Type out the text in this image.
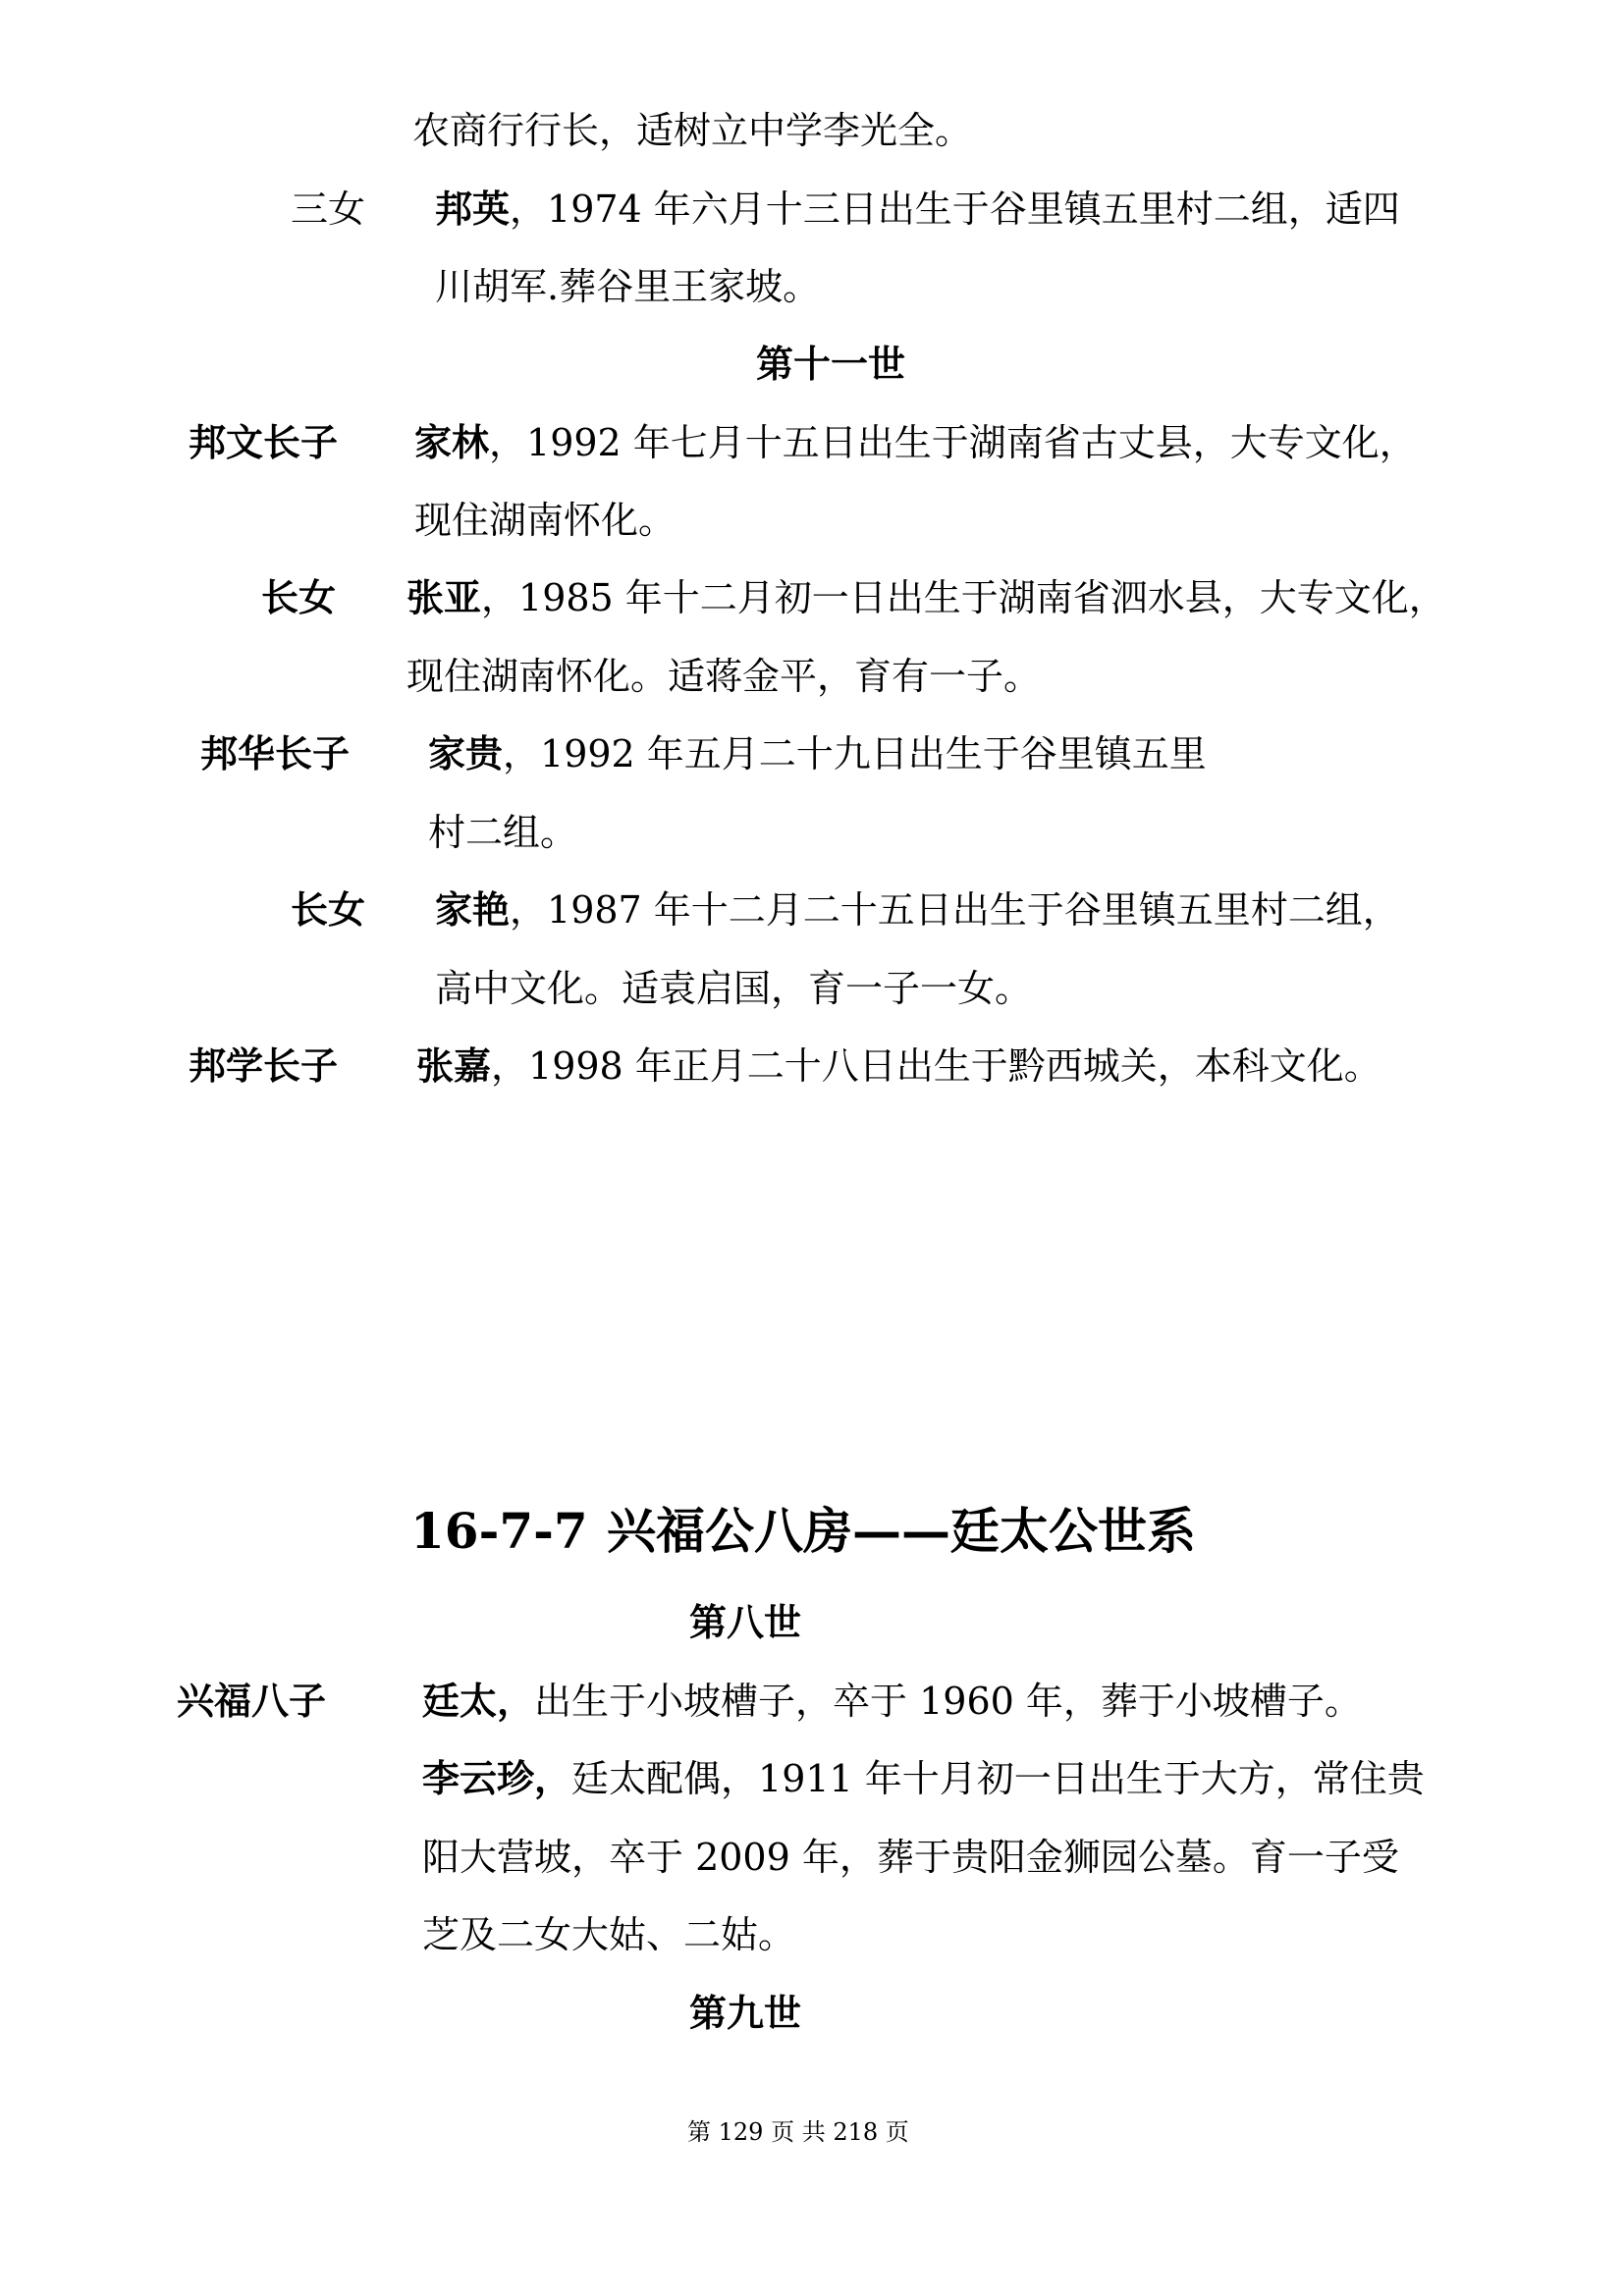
农商行行长，适树立中学李光全。
三女 邦英，1974 年六月十三日出生于谷里镇五里村二组，适四
川胡军.葬谷里王家坡。
第十一世
邦文长子 家林，1992 年七月十五日出生于湖南省古丈县，大专文化，
现住湖南怀化。
长女 张亚，1985 年十二月初一日出生于湖南省泗水县，大专文化，
现住湖南怀化。适蒋金平，育有一子。
邦华长子 家贵，1992 年五月二十九日出生于谷里镇五里
村二组。
长女 家艳，1987 年十二月二十五日出生于谷里镇五里村二组，
高中文化。适袁启国，育一子一女。
邦学长子 张嘉，1998 年正月二十八日出生于黔西城关，本科文化。
16-7-7 兴福公八房——廷太公世系
第八世
兴福八子	廷太，出生于小坡槽子，卒于 1960 年，葬于小坡槽子。
李云珍，廷太配偶，1911 年十月初一日出生于大方，常住贵
阳大营坡，卒于 2009 年，葬于贵阳金狮园公墓。育一子受
芝及二女大姑、二姑。
第九世
第 129 页 共 218 页
